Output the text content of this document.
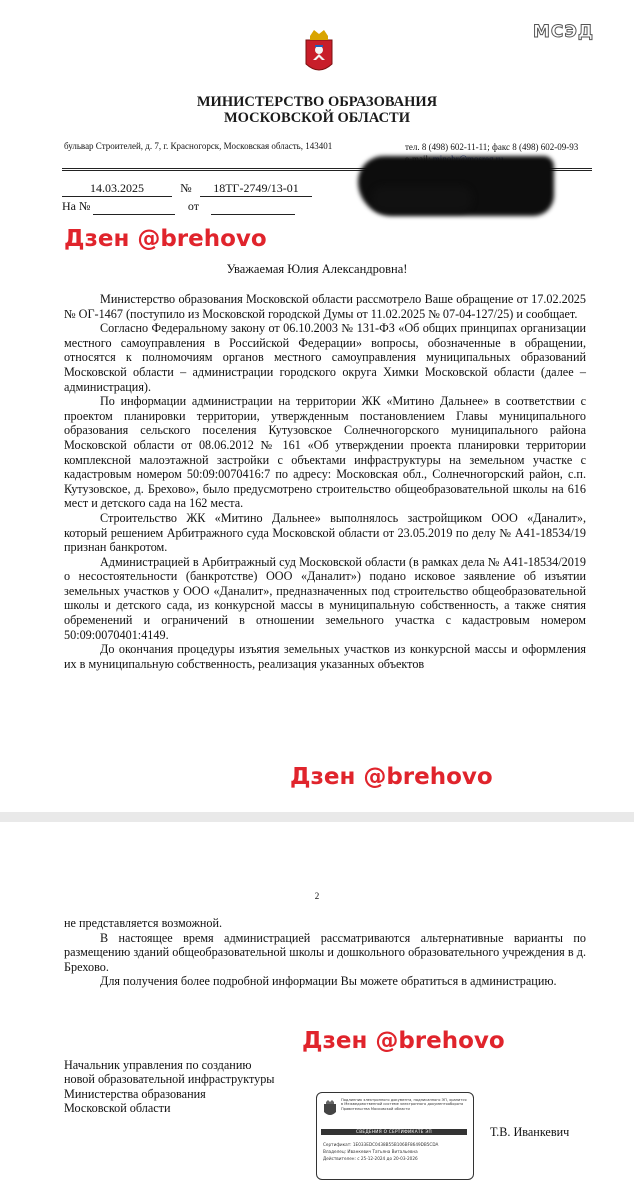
МСЭД
МИНИСТЕРСТВО ОБРАЗОВАНИЯ
МОСКОВСКОЙ ОБЛАСТИ
бульвар Строителей, д. 7, г. Красногорск, Московская область, 143401	тел. 8 (498) 602-11-11; факс 8 (498) 602-09-93
14.03.2025	№ 18ТГ-2749/13-01
На №	от
Дзен @brehovo
Уважаемая Юлия Александровна!

Министерство образования Московской области рассмотрело Ваше обращение от 17.02.2025 № ОГ-1467 (поступило из Московской городской Думы от 11.02.2025 № 07-04-127/25) и сообщает.

Согласно Федеральному закону от 06.10.2003 № 131-ФЗ «Об общих принципах организации местного самоуправления в Российской Федерации» вопросы, обозначенные в обращении, относятся к полномочиям органов местного самоуправления муниципальных образований Московской области – администрации городского округа Химки Московской области (далее – администрация).

По информации администрации на территории ЖК «Митино Дальнее» в соответствии с проектом планировки территории, утвержденным постановлением Главы муниципального образования сельского поселения Кутузовское Солнечногорского муниципального района Московской области от 08.06.2012 № 161 «Об утверждении проекта планировки территории комплексной малоэтажной застройки с объектами инфраструктуры на земельном участке с кадастровым номером 50:09:0070416:7 по адресу: Московская обл., Солнечногорский район, с.п. Кутузовское, д. Брехово», было предусмотрено строительство общеобразовательной школы на 616 мест и детского сада на 162 места.

Строительство ЖК «Митино Дальнее» выполнялось застройщиком ООО «Даналит», который решением Арбитражного суда Московской области от 23.05.2019 по делу № А41-18534/19 признан банкротом.

Администрацией в Арбитражный суд Московской области (в рамках дела № А41-18534/2019 о несостоятельности (банкротстве) ООО «Даналит») подано исковое заявление об изъятии земельных участков у ООО «Даналит», предназначенных под строительство общеобразовательной школы и детского сада, из конкурсной массы в муниципальную собственность, а также снятия обременений и ограничений в отношении земельного участка с кадастровым номером 50:09:0070401:4149.

До окончания процедуры изъятия земельных участков из конкурсной массы и оформления их в муниципальную собственность, реализация указанных объектов

Дзен @brehovo
2

не представляется возможной.

В настоящее время администрацией рассматриваются альтернативные варианты по размещению зданий общеобразовательной школы и дошкольного образовательного учреждения в д. Брехово.

Для получения более подробной информации Вы можете обратиться в администрацию.

Дзен @brehovo
Начальник управления по созданию
новой образовательной инфраструктуры
Министерства образования
Московской области
Подлинник электронного документа, подписанного ЭП, хранится в Межведомственной системе электронного документооборота Правительства Московской области
СВЕДЕНИЯ О СЕРТИФИКАТЕ ЭП
Сертификат: 1E033EDC0438B55B106BF8649DB5CDA
Владелец: Иванкевич Татьяна Витальевна
Действителен: с 25-12-2024 до 20-03-2026
Т.В. Иванкевич
